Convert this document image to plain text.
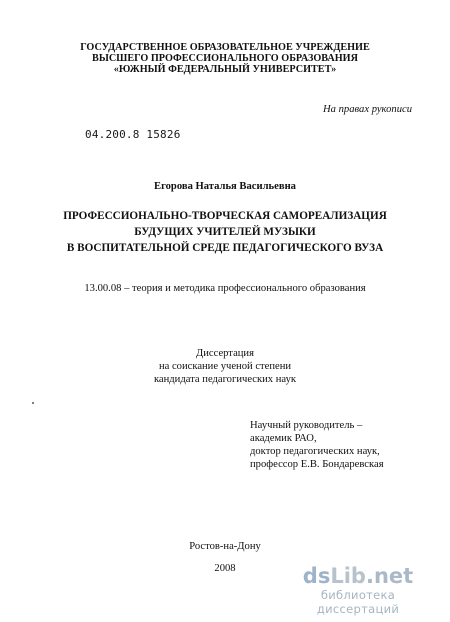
ГОСУДАРСТВЕННОЕ ОБРАЗОВАТЕЛЬНОЕ УЧРЕЖДЕНИЕ
ВЫСШЕГО ПРОФЕССИОНАЛЬНОГО ОБРАЗОВАНИЯ
«ЮЖНЫЙ ФЕДЕРАЛЬНЫЙ УНИВЕРСИТЕТ»
На правах рукописи
04.200.8 15826
Егорова Наталья Васильевна
ПРОФЕССИОНАЛЬНО-ТВОРЧЕСКАЯ САМОРЕАЛИЗАЦИЯ
БУДУЩИХ УЧИТЕЛЕЙ МУЗЫКИ
В ВОСПИТАТЕЛЬНОЙ СРЕДЕ ПЕДАГОГИЧЕСКОГО ВУЗА
13.00.08 – теория и методика профессионального образования
Диссертация
на соискание ученой степени
кандидата педагогических наук
Научный руководитель –
академик РАО,
доктор педагогических наук,
профессор Е.В. Бондаревская
Ростов-на-Дону
2008	dsLib.net
библиотека диссертаций
